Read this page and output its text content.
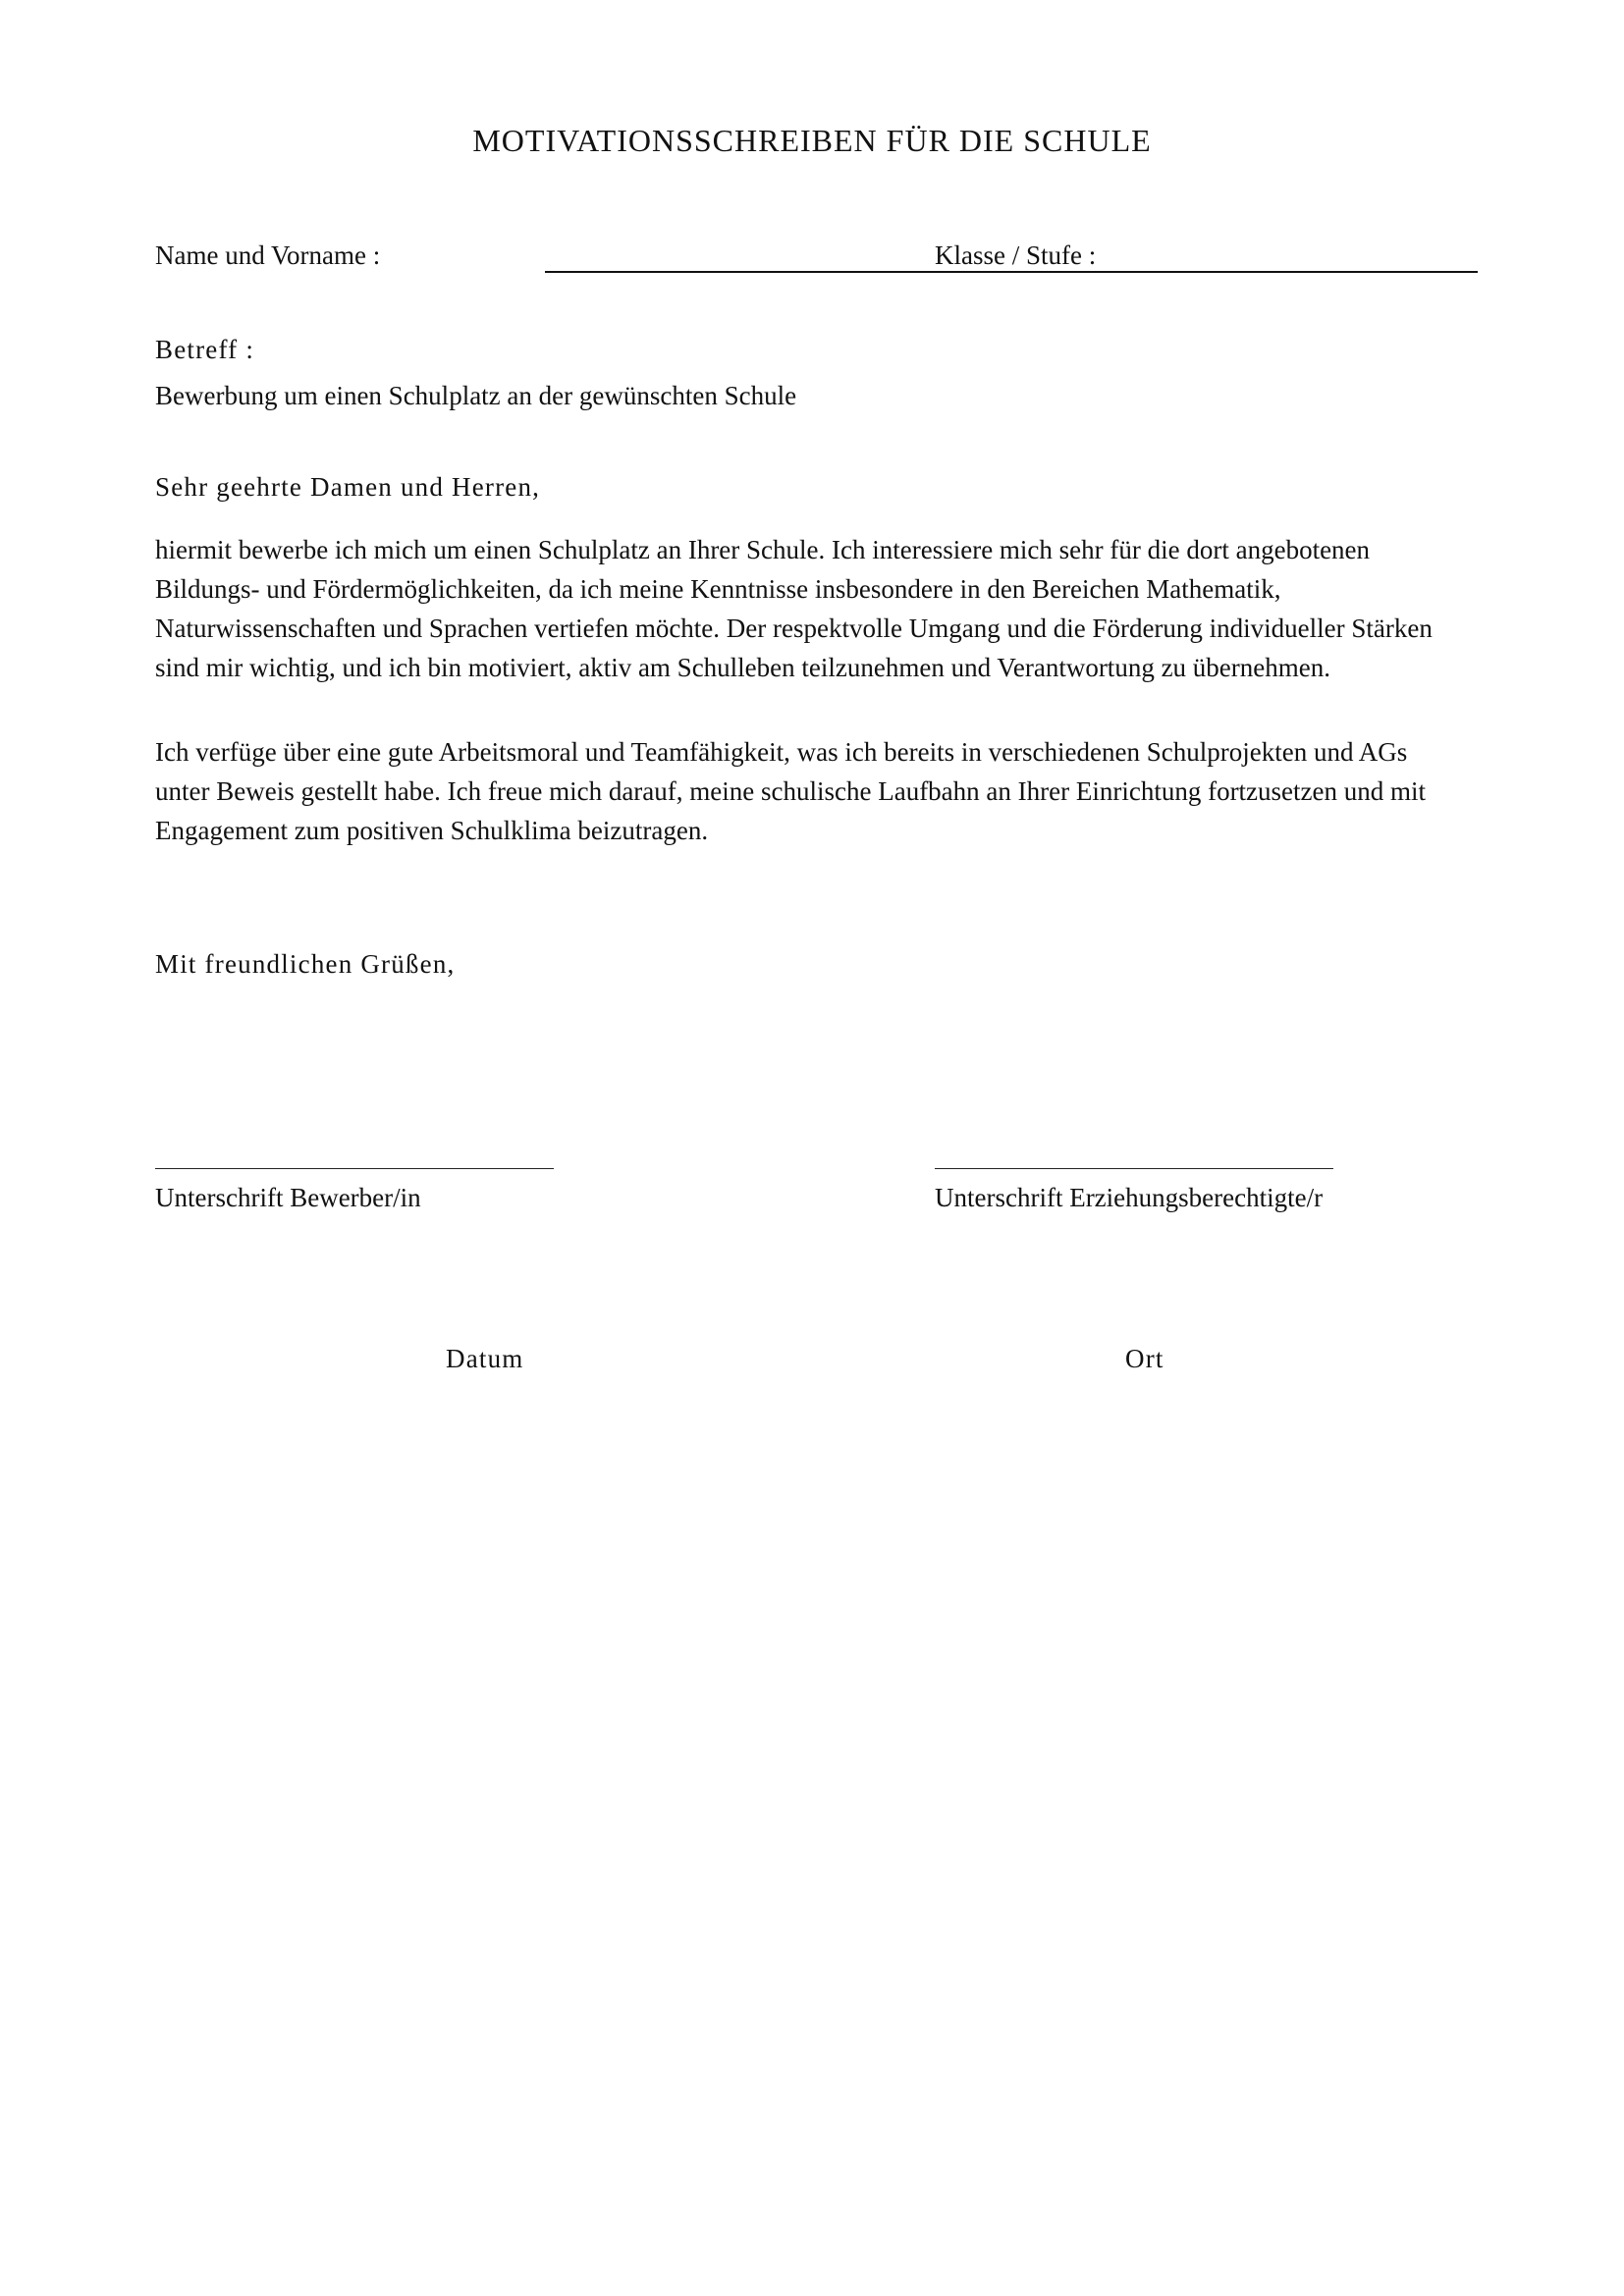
MOTIVATIONSSCHREIBEN FÜR DIE SCHULE
Name und Vorname :	Klasse / Stufe :
Betreff :
Bewerbung um einen Schulplatz an der gewünschten Schule
Sehr geehrte Damen und Herren,
hiermit bewerbe ich mich um einen Schulplatz an Ihrer Schule. Ich interessiere mich sehr für die dort angebotenen
Bildungs- und Fördermöglichkeiten, da ich meine Kenntnisse insbesondere in den Bereichen Mathematik,
Naturwissenschaften und Sprachen vertiefen möchte. Der respektvolle Umgang und die Förderung individueller Stärken
sind mir wichtig, und ich bin motiviert, aktiv am Schulleben teilzunehmen und Verantwortung zu übernehmen.
Ich verfüge über eine gute Arbeitsmoral und Teamfähigkeit, was ich bereits in verschiedenen Schulprojekten und AGs
unter Beweis gestellt habe. Ich freue mich darauf, meine schulische Laufbahn an Ihrer Einrichtung fortzusetzen und mit
Engagement zum positiven Schulklima beizutragen.
Mit freundlichen Grüßen,
Unterschrift Bewerber/in	Unterschrift Erziehungsberechtigte/r
Datum	Ort
